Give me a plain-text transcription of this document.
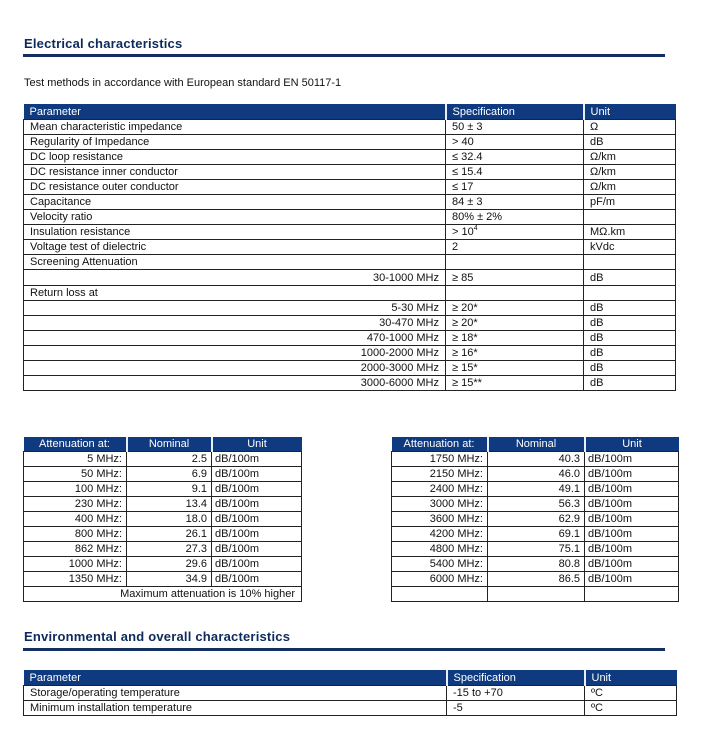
Electrical characteristics
Test methods in accordance with European standard EN 50117-1
Parameter	Specification	Unit
Mean characteristic impedance	50 ± 3	Ω
Regularity of Impedance	> 40	dB
DC loop resistance	≤ 32.4	Ω/km
DC resistance inner conductor	≤ 15.4	Ω/km
DC resistance outer conductor	≤ 17	Ω/km
Capacitance	84 ± 3	pF/m
Velocity ratio	80% ± 2%	
Insulation resistance	> $10^4$	MΩ.km
Voltage test of dielectric	2	kVdc
Screening Attenuation		
30-1000 MHz	≥ 85	dB
Return loss at		
5-30 MHz	≥ 20*	dB
30-470 MHz	≥ 20*	dB
470-1000 MHz	≥ 18*	dB
1000-2000 MHz	≥ 16*	dB
2000-3000 MHz	≥ 15*	dB
3000-6000 MHz	≥ 15**	dB
Attenuation at:	Nominal	Unit
5 MHz:	2.5	dB/100m
50 MHz:	6.9	dB/100m
100 MHz:	9.1	dB/100m
230 MHz:	13.4	dB/100m
400 MHz:	18.0	dB/100m
800 MHz:	26.1	dB/100m
862 MHz:	27.3	dB/100m
1000 MHz:	29.6	dB/100m
1350 MHz:	34.9	dB/100m
Maximum attenuation is 10% higher		
Attenuation at:	Nominal	Unit
1750 MHz:	40.3	dB/100m
2150 MHz:	46.0	dB/100m
2400 MHz:	49.1	dB/100m
3000 MHz:	56.3	dB/100m
3600 MHz:	62.9	dB/100m
4200 MHz:	69.1	dB/100m
4800 MHz:	75.1	dB/100m
5400 MHz:	80.8	dB/100m
6000 MHz:	86.5	dB/100m

Environmental and overall characteristics
Parameter	Specification	Unit
Storage/operating temperature	-15 to +70	ºC
Minimum installation temperature	-5	ºC
